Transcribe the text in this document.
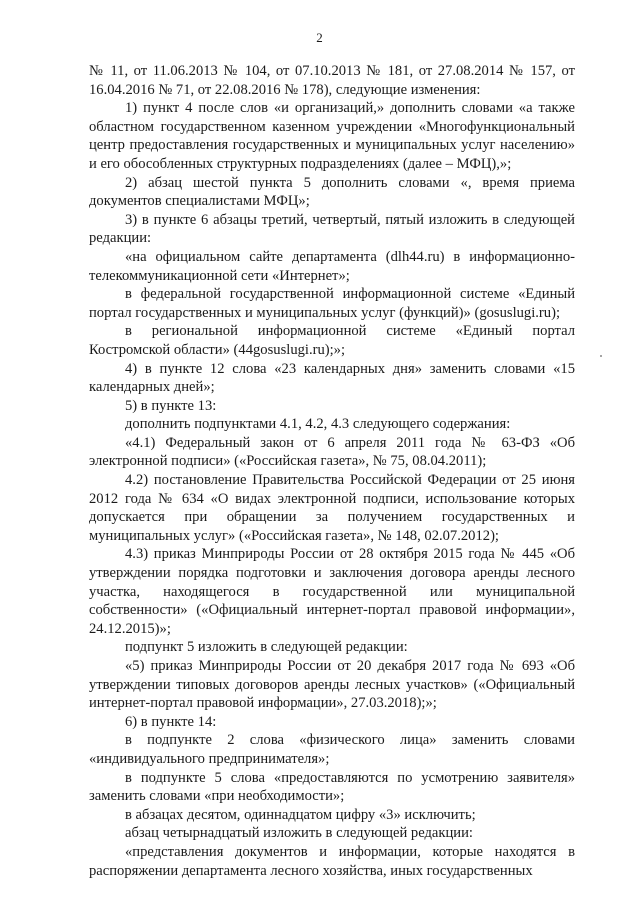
2

№ 11, от 11.06.2013 № 104, от 07.10.2013 № 181, от 27.08.2014 № 157, от 16.04.2016 № 71, от 22.08.2016 № 178), следующие изменения:

1) пункт 4 после слов «и организаций,» дополнить словами «а также областном государственном казенном учреждении «Многофункциональный центр предоставления государственных и муниципальных услуг населению» и его обособленных структурных подразделениях (далее – МФЦ),»;

2) абзац шестой пункта 5 дополнить словами «, время приема документов специалистами МФЦ»;

3) в пункте 6 абзацы третий, четвертый, пятый изложить в следующей редакции:

«на официальном сайте департамента (dlh44.ru) в информационно-телекоммуникационной сети «Интернет»;

в федеральной государственной информационной системе «Единый портал государственных и муниципальных услуг (функций)» (gosuslugi.ru);

в региональной информационной системе «Единый портал Костромской области» (44gosuslugi.ru);»;

4) в пункте 12 слова «23 календарных дня» заменить словами «15 календарных дней»;

5) в пункте 13:

дополнить подпунктами 4.1, 4.2, 4.3 следующего содержания:

«4.1) Федеральный закон от 6 апреля 2011 года № 63-ФЗ «Об электронной подписи» («Российская газета», № 75, 08.04.2011);

4.2) постановление Правительства Российской Федерации от 25 июня 2012 года № 634 «О видах электронной подписи, использование которых допускается при обращении за получением государственных и муниципальных услуг» («Российская газета», № 148, 02.07.2012);

4.3) приказ Минприроды России от 28 октября 2015 года № 445 «Об утверждении порядка подготовки и заключения договора аренды лесного участка, находящегося в государственной или муниципальной собственности» («Официальный интернет-портал правовой информации», 24.12.2015)»;

подпункт 5 изложить в следующей редакции:

«5) приказ Минприроды России от 20 декабря 2017 года № 693 «Об утверждении типовых договоров аренды лесных участков» («Официальный интернет-портал правовой информации», 27.03.2018);»;

6) в пункте 14:

в подпункте 2 слова «физического лица» заменить словами «индивидуального предпринимателя»;

в подпункте 5 слова «предоставляются по усмотрению заявителя» заменить словами «при необходимости»;

в абзацах десятом, одиннадцатом цифру «3» исключить;

абзац четырнадцатый изложить в следующей редакции:

«представления документов и информации, которые находятся в распоряжении департамента лесного хозяйства, иных государственных
